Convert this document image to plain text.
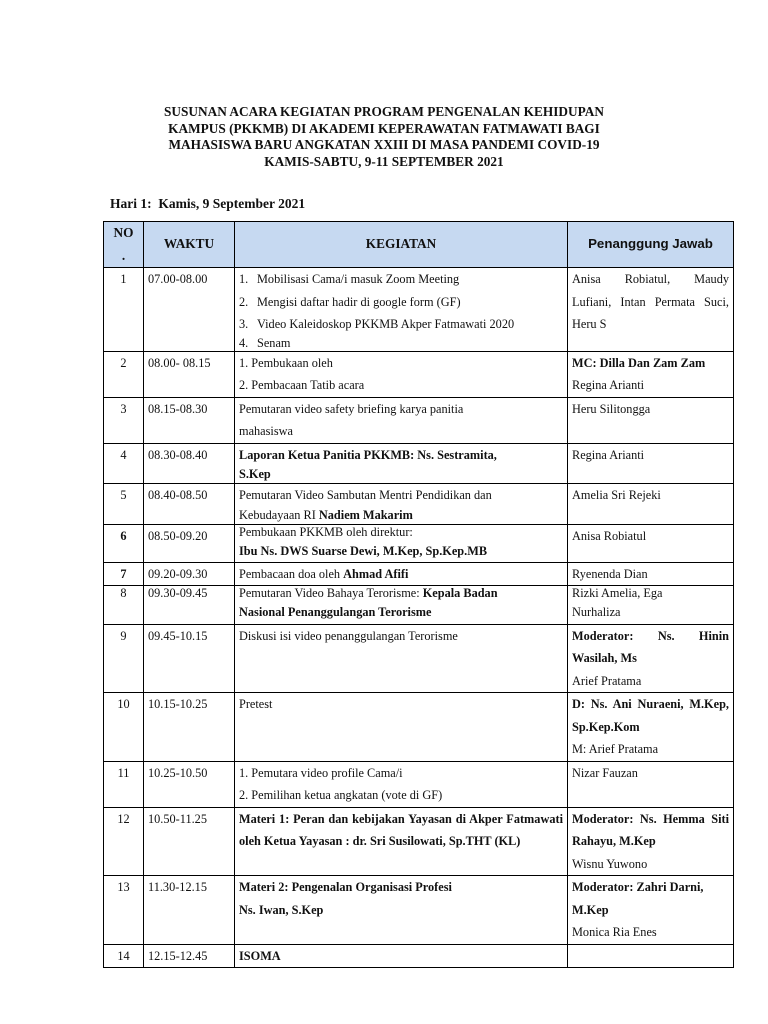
SUSUNAN ACARA KEGIATAN PROGRAM PENGENALAN KEHIDUPAN
KAMPUS (PKKMB) DI AKADEMI KEPERAWATAN FATMAWATI BAGI
MAHASISWA BARU ANGKATAN XXIII DI MASA PANDEMI COVID-19
KAMIS-SABTU, 9-11 SEPTEMBER 2021
Hari 1:  Kamis, 9 September 2021
NO
.	WAKTU	KEGIATAN	Penanggung Jawab
1	07.00-08.00	1. Mobilisasi Cama/i masuk Zoom Meeting
2. Mengisi daftar hadir di google form (GF)
3. Video Kaleidoskop PKKMB Akper Fatmawati 2020
4. Senam	Anisa Robiatul, Maudy Lufiani, Intan Permata Suci, Heru S

2	08.00- 08.15	1. Pembukaan oleh
2. Pembacaan Tatib acara	MC: Dilla Dan Zam Zam
Regina Arianti

3	08.15-08.30	Pemutaran video safety briefing karya panitia
mahasiswa	Heru Silitongga
4	08.30-08.40	Laporan Ketua Panitia PKKMB: Ns. Sestramita,
S.Kep	Regina Arianti
5	08.40-08.50	Pemutaran Video Sambutan Mentri Pendidikan dan
Kebudayaan RI Nadiem Makarim	Amelia Sri Rejeki
6	08.50-09.20	Pembukaan PKKMB oleh direktur:
Ibu Ns. DWS Suarse Dewi, M.Kep, Sp.Kep.MB	Anisa Robiatul
7	09.20-09.30	Pembacaan doa oleh Ahmad Afifi	Ryenenda Dian
8	09.30-09.45	Pemutaran Video Bahaya Terorisme: Kepala Badan
Nasional Penanggulangan Terorisme	Rizki Amelia, Ega
Nurhaliza

9	09.45-10.15	Diskusi isi video penanggulangan Terorisme	Moderator: Ns. Hinin Wasilah, Ms
Arief Pratama

10	10.15-10.25	Pretest	D: Ns. Ani Nuraeni, M.Kep, Sp.Kep.Kom
M: Arief Pratama

11	10.25-10.50	1. Pemutara video profile Cama/i
2. Pemilihan ketua angkatan (vote di GF)	Nizar Fauzan
12	10.50-11.25	Materi 1: Peran dan kebijakan Yayasan di Akper Fatmawati oleh Ketua Yayasan : dr. Sri Susilowati, Sp.THT (KL)	Moderator: Ns. Hemma Siti Rahayu, M.Kep
Wisnu Yuwono

13	11.30-12.15	Materi 2: Pengenalan Organisasi Profesi
Ns. Iwan, S.Kep	Moderator: Zahri Darni, M.Kep
Monica Ria Enes

14	12.15-12.45	ISOMA	
